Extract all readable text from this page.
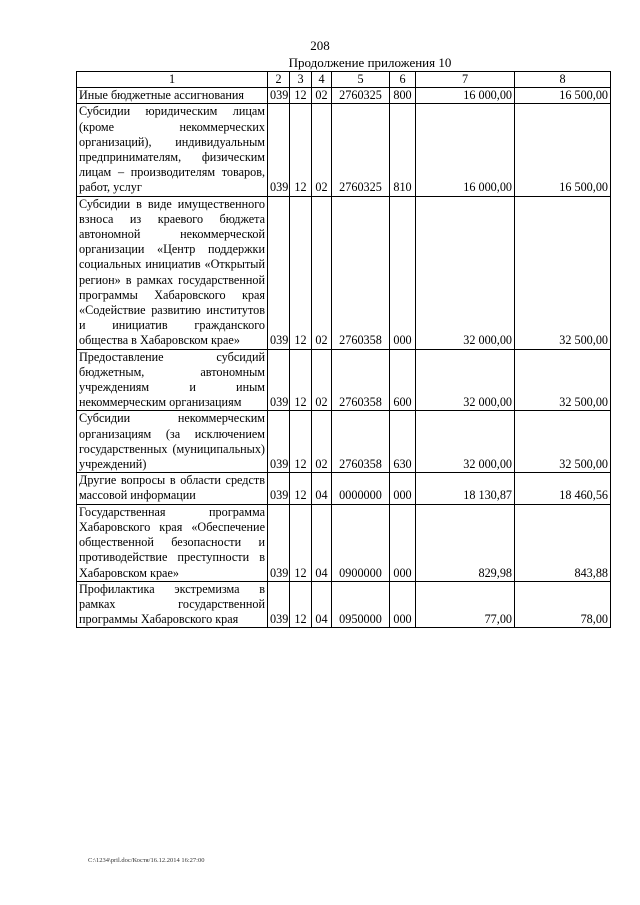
208
Продолжение приложения 10
1	2	3	4	5	6	7	8
Иные бюджетные ассигнования	039	12	02	2760325	800	16 000,00	16 500,00
Субсидии юридическим лицам (кроме некоммерческих организаций), индивидуальным предпринимателям, физическим лицам – производителям товаров, работ, услуг	039	12	02	2760325	810	16 000,00	16 500,00
Субсидии в виде имущественного взноса из краевого бюджета автономной некоммерческой организации «Центр поддержки социальных инициатив «Открытый регион» в рамках государственной программы Хабаровского края «Содействие развитию институтов и инициатив гражданского общества в Хабаровском крае»	039	12	02	2760358	000	32 000,00	32 500,00
Предоставление субсидий бюджетным, автономным учреждениям и иным некоммерческим организациям	039	12	02	2760358	600	32 000,00	32 500,00
Субсидии некоммерческим организациям (за исключением государственных (муниципальных) учреждений)	039	12	02	2760358	630	32 000,00	32 500,00
Другие вопросы в области средств массовой информации	039	12	04	0000000	000	18 130,87	18 460,56
Государственная программа Хабаровского края «Обеспечение общественной безопасности и противодействие преступности в Хабаровском крае»	039	12	04	0900000	000	829,98	843,88
Профилактика экстремизма в рамках государственной программы Хабаровского края	039	12	04	0950000	000	77,00	78,00
C:\1234\pril.doc/Костя/16.12.2014 16:27:00
